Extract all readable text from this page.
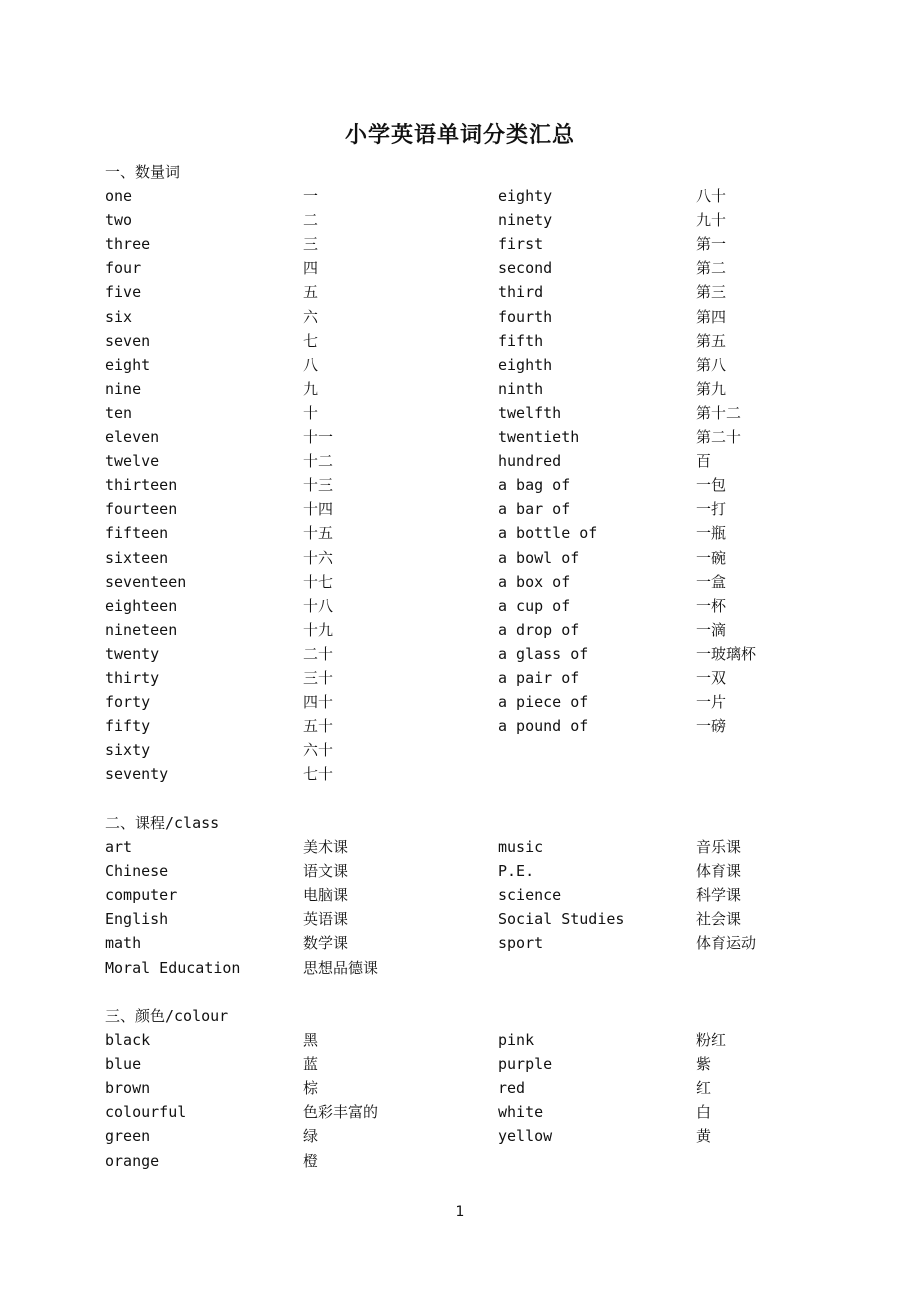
小学英语单词分类汇总
一、数量词
one	一	eighty	八十
two	二	ninety	九十
three	三	first	第一
four	四	second	第二
five	五	third	第三
six	六	fourth	第四
seven	七	fifth	第五
eight	八	eighth	第八
nine	九	ninth	第九
ten	十	twelfth	第十二
eleven	十一	twentieth	第二十
twelve	十二	hundred	百
thirteen	十三	a bag of	一包
fourteen	十四	a bar of	一打
fifteen	十五	a bottle of	一瓶
sixteen	十六	a bowl of	一碗
seventeen	十七	a box of	一盒
eighteen	十八	a cup of	一杯
nineteen	十九	a drop of	一滴
twenty	二十	a glass of	一玻璃杯
thirty	三十	a pair of	一双
forty	四十	a piece of	一片
fifty	五十	a pound of	一磅
sixty	六十
seventy	七十
二、课程/class
art	美术课	music	音乐课
Chinese	语文课	P.E.	体育课
computer	电脑课	science	科学课
English	英语课	Social Studies	社会课
math	数学课	sport	体育运动
Moral Education	思想品德课
三、颜色/colour
black	黑	pink	粉红
blue	蓝	purple	紫
brown	棕	red	红
colourful	色彩丰富的	white	白
green	绿	yellow	黄
orange	橙
1
